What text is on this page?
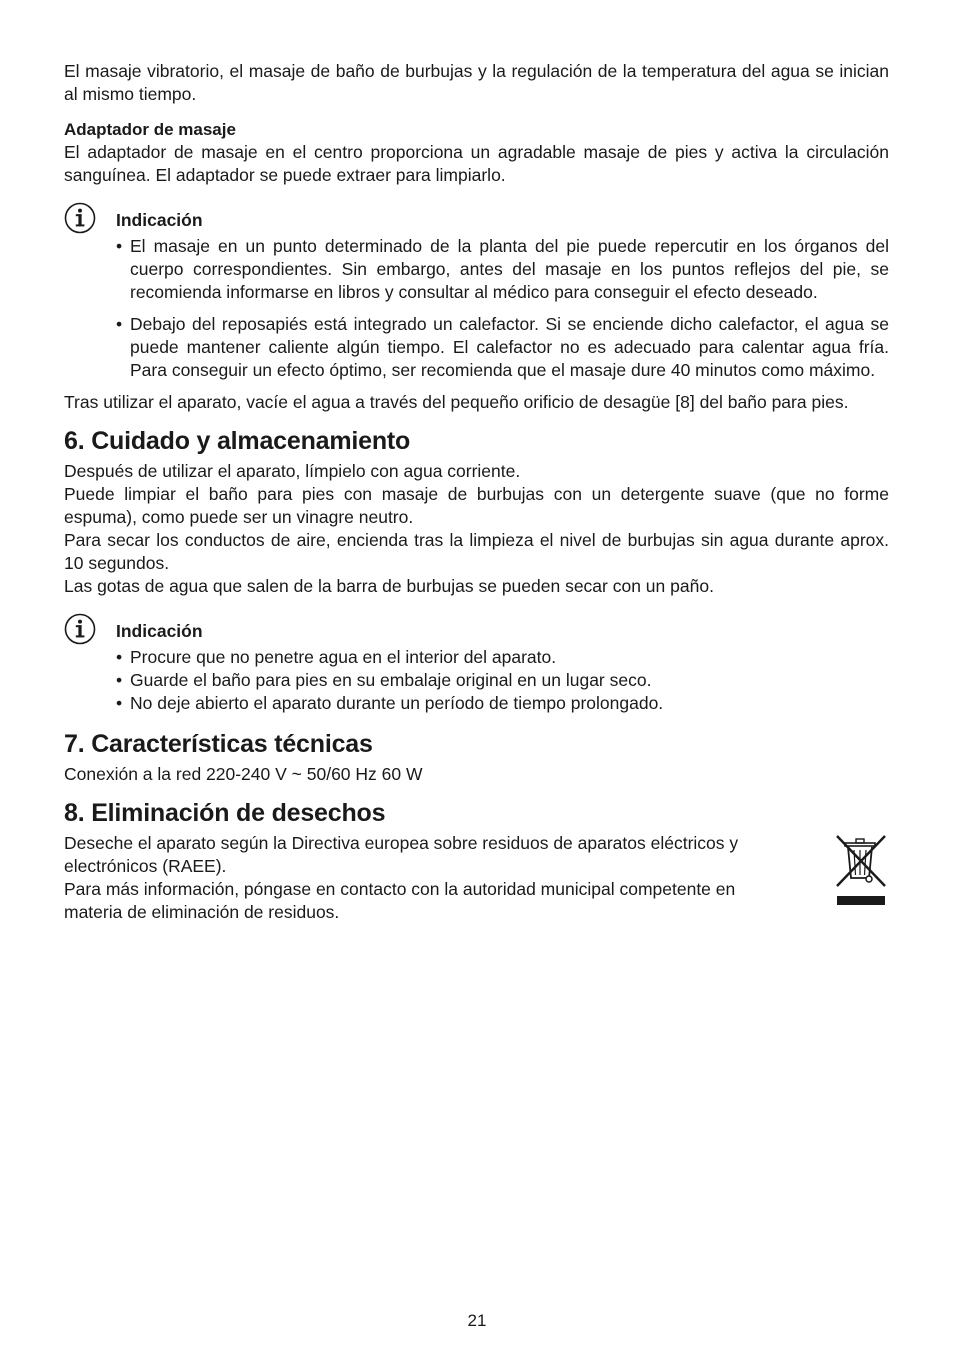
El masaje vibratorio, el masaje de baño de burbujas y la regulación de la temperatura del agua se inician al mismo tiempo.

Adaptador de masaje

El adaptador de masaje en el centro proporciona un agradable masaje de pies y activa la circulación sanguínea. El adaptador se puede extraer para limpiarlo.

Indicación

• El masaje en un punto determinado de la planta del pie puede repercutir en los órganos del cuerpo correspondientes. Sin embargo, antes del masaje en los puntos reflejos del pie, se recomienda informarse en libros y consultar al médico para conseguir el efecto deseado.
• Debajo del reposapiés está integrado un calefactor. Si se enciende dicho calefactor, el agua se puede mantener caliente algún tiempo. El calefactor no es adecuado para calentar agua fría. Para conseguir un efecto óptimo, ser recomienda que el masaje dure 40 minutos como máximo.

Tras utilizar el aparato, vacíe el agua a través del pequeño orificio de desagüe [8] del baño para pies.

6. Cuidado y almacenamiento

Después de utilizar el aparato, límpielo con agua corriente.

Puede limpiar el baño para pies con masaje de burbujas con un detergente suave (que no forme espuma), como puede ser un vinagre neutro.

Para secar los conductos de aire, encienda tras la limpieza el nivel de burbujas sin agua durante aprox. 10 segundos.

Las gotas de agua que salen de la barra de burbujas se pueden secar con un paño.

Indicación

• Procure que no penetre agua en el interior del aparato.
• Guarde el baño para pies en su embalaje original en un lugar seco.
• No deje abierto el aparato durante un período de tiempo prolongado.
7. Características técnicas

Conexión a la red 220-240 V ~ 50/60 Hz 60 W

8. Eliminación de desechos

Deseche el aparato según la Directiva europea sobre residuos de aparatos eléctricos y electrónicos (RAEE).

Para más información, póngase en contacto con la autoridad municipal competente en materia de eliminación de residuos.

21
